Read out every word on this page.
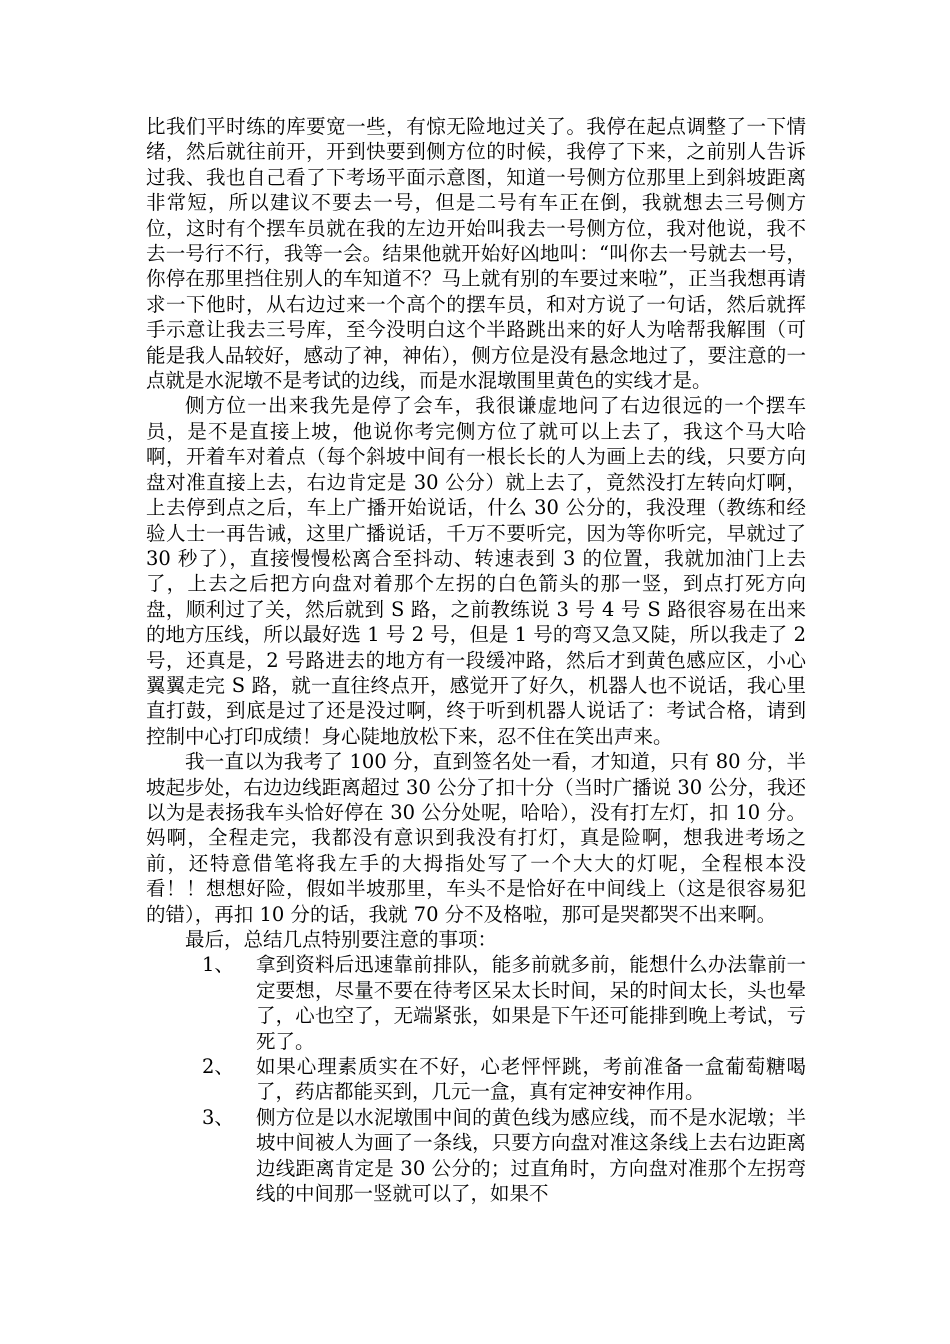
比我们平时练的库要宽一些，有惊无险地过关了。我停在起点调整了一下情绪，然后就往前开，开到快要到侧方位的时候，我停了下来，之前别人告诉过我、我也自己看了下考场平面示意图，知道一号侧方位那里上到斜坡距离非常短，所以建议不要去一号，但是二号有车正在倒，我就想去三号侧方位，这时有个摆车员就在我的左边开始叫我去一号侧方位，我对他说，我不去一号行不行，我等一会。结果他就开始好凶地叫：“叫你去一号就去一号，你停在那里挡住别人的车知道不？马上就有别的车要过来啦”，正当我想再请求一下他时，从右边过来一个高个的摆车员，和对方说了一句话，然后就挥手示意让我去三号库，至今没明白这个半路跳出来的好人为啥帮我解围（可能是我人品较好，感动了神，神佑），侧方位是没有悬念地过了，要注意的一点就是水泥墩不是考试的边线，而是水混墩围里黄色的实线才是。

侧方位一出来我先是停了会车，我很谦虚地问了右边很远的一个摆车员，是不是直接上坡，他说你考完侧方位了就可以上去了，我这个马大哈啊，开着车对着点（每个斜坡中间有一根长长的人为画上去的线，只要方向盘对准直接上去，右边肯定是 30 公分）就上去了，竟然没打左转向灯啊，上去停到点之后，车上广播开始说话，什么 30 公分的，我没理（教练和经验人士一再告诫，这里广播说话，千万不要听完，因为等你听完，早就过了 30 秒了），直接慢慢松离合至抖动、转速表到 3 的位置，我就加油门上去了，上去之后把方向盘对着那个左拐的白色箭头的那一竖，到点打死方向盘，顺利过了关，然后就到 S 路，之前教练说 3 号 4 号 S 路很容易在出来的地方压线，所以最好选 1 号 2 号，但是 1 号的弯又急又陡，所以我走了 2 号，还真是，2 号路进去的地方有一段缓冲路，然后才到黄色感应区，小心翼翼走完 S 路，就一直往终点开，感觉开了好久，机器人也不说话，我心里直打鼓，到底是过了还是没过啊，终于听到机器人说话了：考试合格，请到控制中心打印成绩！身心陡地放松下来，忍不住在笑出声来。

我一直以为我考了 100 分，直到签名处一看，才知道，只有 80 分，半坡起步处，右边边线距离超过 30 公分了扣十分（当时广播说 30 公分，我还以为是表扬我车头恰好停在 30 公分处呢，哈哈），没有打左灯，扣 10 分。妈啊，全程走完，我都没有意识到我没有打灯，真是险啊，想我进考场之前，还特意借笔将我左手的大拇指处写了一个大大的灯呢，全程根本没看！！想想好险，假如半坡那里，车头不是恰好在中间线上（这是很容易犯的错），再扣 10 分的话，我就 70 分不及格啦，那可是哭都哭不出来啊。

最后，总结几点特别要注意的事项：

1、	拿到资料后迅速靠前排队，能多前就多前，能想什么办法靠前一定要想，尽量不要在待考区呆太长时间，呆的时间太长，头也晕了，心也空了，无端紧张，如果是下午还可能排到晚上考试，亏死了。
2、	如果心理素质实在不好，心老怦怦跳，考前准备一盒葡萄糖喝了，药店都能买到，几元一盒，真有定神安神作用。
3、	侧方位是以水泥墩围中间的黄色线为感应线，而不是水泥墩；半坡中间被人为画了一条线，只要方向盘对准这条线上去右边距离边线距离肯定是 30 公分的；过直角时，方向盘对准那个左拐弯线的中间那一竖就可以了，如果不
